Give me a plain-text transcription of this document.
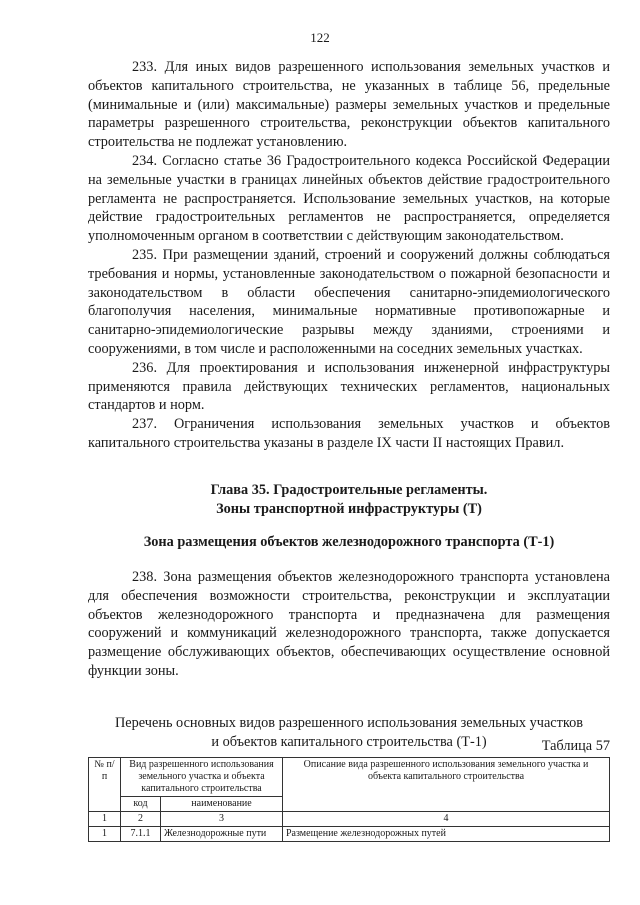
122

233. Для иных видов разрешенного использования земельных участков и объектов капитального строительства, не указанных в таблице 56, предельные (минимальные и (или) максимальные) размеры земельных участков и предельные параметры разрешенного строительства, реконструкции объектов капитального строительства не подлежат установлению.

234. Согласно статье 36 Градостроительного кодекса Российской Федерации на земельные участки в границах линейных объектов действие градостроительного регламента не распространяется. Использование земельных участков, на которые действие градостроительных регламентов не распространяется, определяется уполномоченным органом в соответствии с действующим законодательством.

235. При размещении зданий, строений и сооружений должны соблюдаться требования и нормы, установленные законодательством о пожарной безопасности и законодательством в области обеспечения санитарно-эпидемиологического благополучия населения, минимальные нормативные противопожарные и санитарно-эпидемиологические разрывы между зданиями, строениями и сооружениями, в том числе и расположенными на соседних земельных участках.

236. Для проектирования и использования инженерной инфраструктуры применяются правила действующих технических регламентов, национальных стандартов и норм.

237. Ограничения использования земельных участков и объектов капитального строительства указаны в разделе IX части II настоящих Правил.

Глава 35. Градостроительные регламенты.
Зоны транспортной инфраструктуры (Т)
Зона размещения объектов железнодорожного транспорта (Т-1)

238. Зона размещения объектов железнодорожного транспорта установлена для обеспечения возможности строительства, реконструкции и эксплуатации объектов железнодорожного транспорта и предназначена для размещения сооружений и коммуникаций железнодорожного транспорта, также допускается размещение обслуживающих объектов, обеспечивающих осуществление основной функции зоны.

Перечень основных видов разрешенного использования земельных участков
и объектов капитального строительства (Т-1)	Таблица 57
№ п/п	Вид разрешенного использования земельного участка и объекта капитального строительства		Описание вида разрешенного использования земельного участка и объекта капитального строительства
	код	наименование	
1	2	3	4
1	7.1.1	Железнодорожные пути	Размещение железнодорожных путей
